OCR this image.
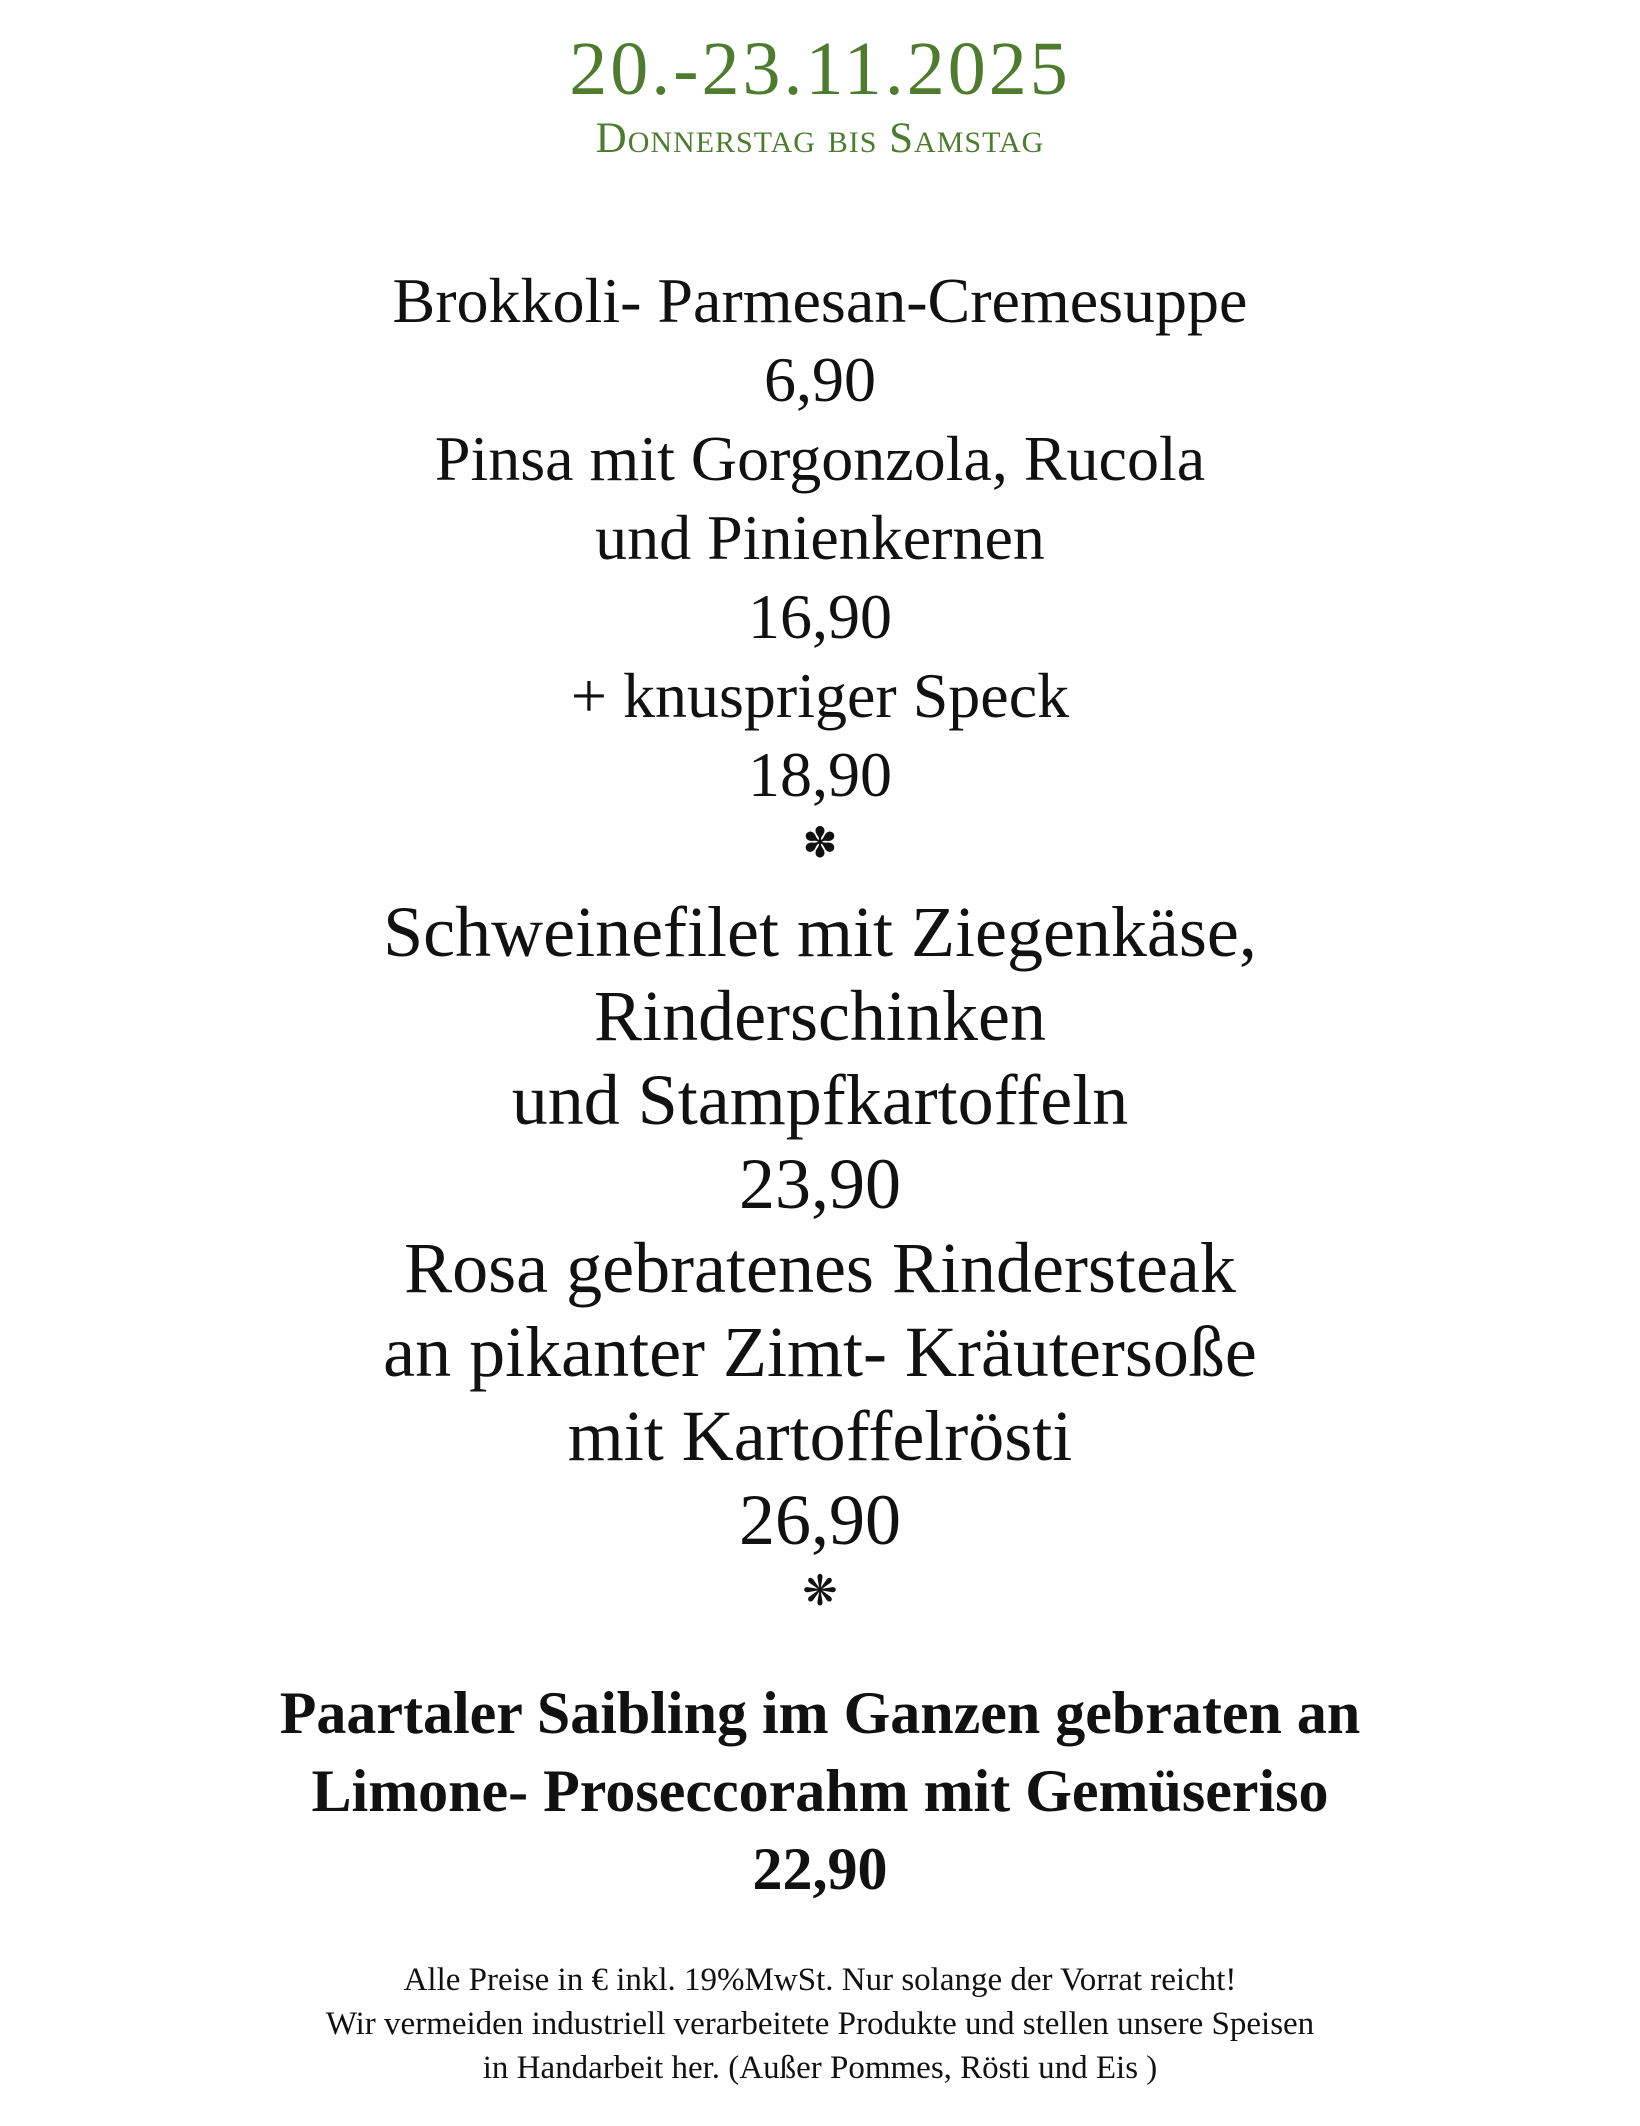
20.-23.11.2025
Donnerstag bis Samstag

Brokkoli- Parmesan-Cremesuppe

6,90

Pinsa mit Gorgonzola, Rucola

und Pinienkernen

16,90

+ knuspriger Speck

18,90

✽

Schweinefilet mit Ziegenkäse,

Rinderschinken

und Stampfkartoffeln

23,90

Rosa gebratenes Rindersteak

an pikanter Zimt- Kräutersoße

mit Kartoffelrösti

26,90

❋

Paartaler Saibling im Ganzen gebraten an

Limone- Proseccorahm mit Gemüseriso

22,90

Alle Preise in € inkl. 19%MwSt. Nur solange der Vorrat reicht!

Wir vermeiden industriell verarbeitete Produkte und stellen unsere Speisen

in Handarbeit her. (Außer Pommes, Rösti und Eis )
